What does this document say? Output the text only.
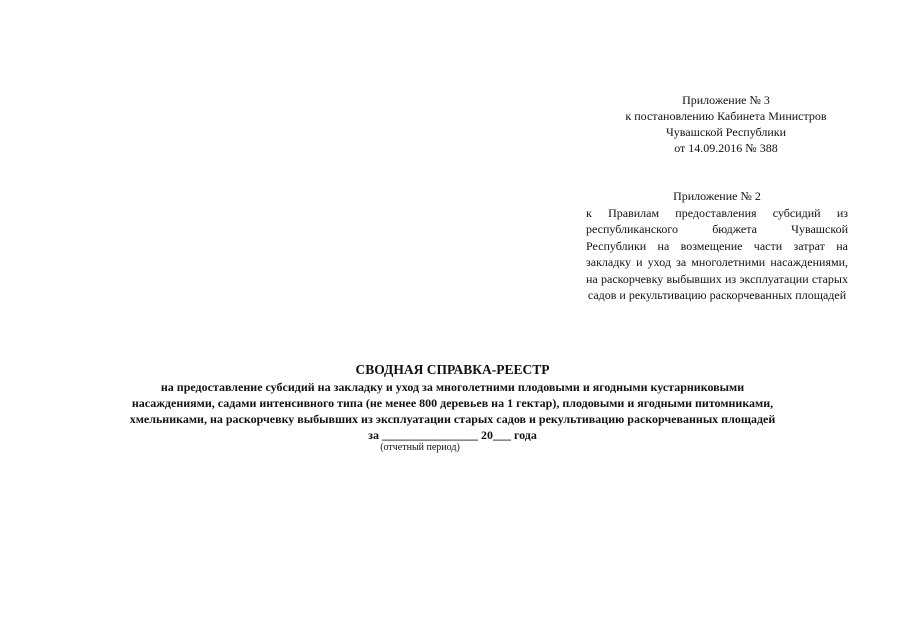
Приложение № 3
к постановлению Кабинета Министров
Чувашской Республики
от 14.09.2016 № 388
Приложение № 2
к Правилам предоставления субсидий из республиканского бюджета Чувашской Республики на возмещение части затрат на закладку и уход за многолетними насаждениями, на раскорчевку выбывших из эксплуатации старых садов и рекультивацию раскорчеванных площадей
СВОДНАЯ СПРАВКА-РЕЕСТР
на предоставление субсидий на закладку и уход за многолетними плодовыми и ягодными кустарниковыми
насаждениями, садами интенсивного типа (не менее 800 деревьев на 1 гектар), плодовыми и ягодными питомниками,
хмельниками, на раскорчевку выбывших из эксплуатации старых садов и рекультивацию раскорчеванных площадей
за ________________ 20___ года
(отчетный период)
